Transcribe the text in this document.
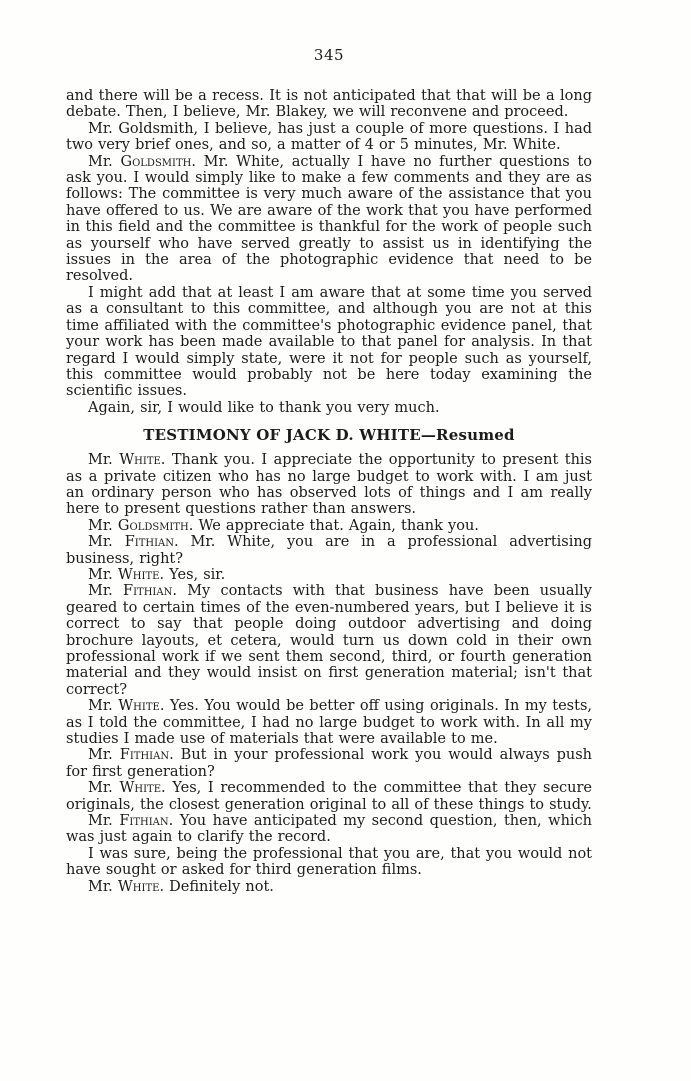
345

and there will be a recess. It is not anticipated that that will be a long debate. Then, I believe, Mr. Blakey, we will reconvene and proceed.

Mr. Goldsmith, I believe, has just a couple of more questions. I had two very brief ones, and so, a matter of 4 or 5 minutes, Mr. White.

Mr. Goldsmith. Mr. White, actually I have no further questions to ask you. I would simply like to make a few comments and they are as follows: The committee is very much aware of the assistance that you have offered to us. We are aware of the work that you have performed in this field and the committee is thankful for the work of people such as yourself who have served greatly to assist us in identifying the issues in the area of the photographic evidence that need to be resolved.

I might add that at least I am aware that at some time you served as a consultant to this committee, and although you are not at this time affiliated with the committee's photographic evidence panel, that your work has been made available to that panel for analysis. In that regard I would simply state, were it not for people such as yourself, this committee would probably not be here today examining the scientific issues.

Again, sir, I would like to thank you very much.

TESTIMONY OF JACK D. WHITE—Resumed

Mr. White. Thank you. I appreciate the opportunity to present this as a private citizen who has no large budget to work with. I am just an ordinary person who has observed lots of things and I am really here to present questions rather than answers.

Mr. Goldsmith. We appreciate that. Again, thank you.

Mr. Fithian. Mr. White, you are in a professional advertising business, right?

Mr. White. Yes, sir.

Mr. Fithian. My contacts with that business have been usually geared to certain times of the even-numbered years, but I believe it is correct to say that people doing outdoor advertising and doing brochure layouts, et cetera, would turn us down cold in their own professional work if we sent them second, third, or fourth generation material and they would insist on first generation material; isn't that correct?

Mr. White. Yes. You would be better off using originals. In my tests, as I told the committee, I had no large budget to work with. In all my studies I made use of materials that were available to me.

Mr. Fithian. But in your professional work you would always push for first generation?

Mr. White. Yes, I recommended to the committee that they secure originals, the closest generation original to all of these things to study.

Mr. Fithian. You have anticipated my second question, then, which was just again to clarify the record.

I was sure, being the professional that you are, that you would not have sought or asked for third generation films.

Mr. White. Definitely not.
